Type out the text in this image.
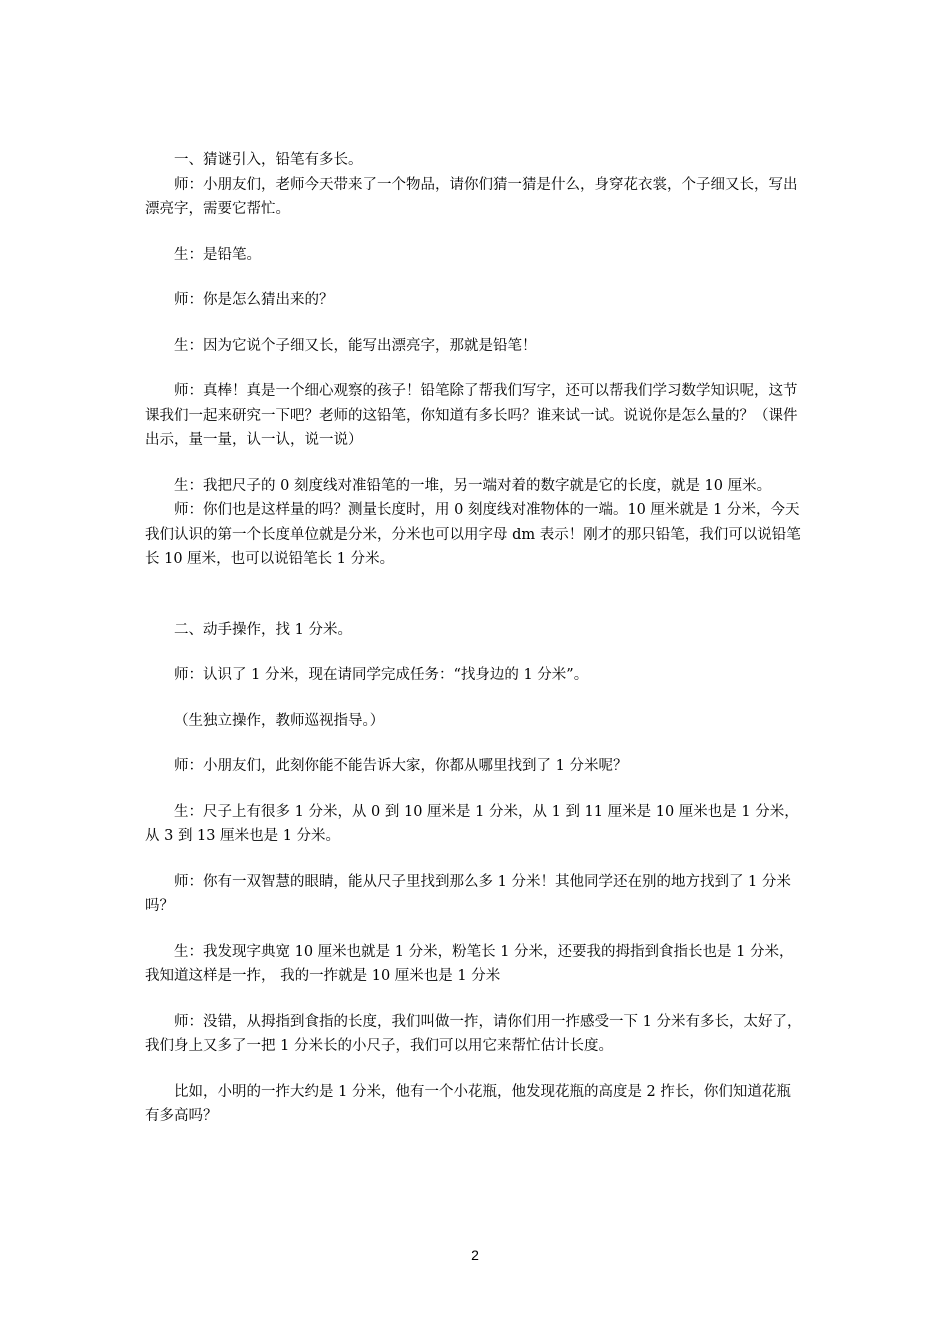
一、猜谜引入，铅笔有多长。

师：小朋友们，老师今天带来了一个物品，请你们猜一猜是什么，身穿花衣裳，个子细又长，写出漂亮字，需要它帮忙。

生：是铅笔。

师：你是怎么猜出来的？

生：因为它说个子细又长，能写出漂亮字，那就是铅笔！

师：真棒！真是一个细心观察的孩子！铅笔除了帮我们写字，还可以帮我们学习数学知识呢，这节课我们一起来研究一下吧？老师的这铅笔，你知道有多长吗？谁来试一试。说说你是怎么量的？（课件出示，量一量，认一认，说一说）

生：我把尺子的 0 刻度线对准铅笔的一堆，另一端对着的数字就是它的长度，就是 10 厘米。

师：你们也是这样量的吗？测量长度时，用 0 刻度线对准物体的一端。10 厘米就是 1 分米，今天我们认识的第一个长度单位就是分米，分米也可以用字母 dm 表示！刚才的那只铅笔，我们可以说铅笔长 10 厘米，也可以说铅笔长 1 分米。

二、动手操作，找 1 分米。

师：认识了 1 分米，现在请同学完成任务：“找身边的 1 分米”。

（生独立操作，教师巡视指导。）

师：小朋友们，此刻你能不能告诉大家，你都从哪里找到了 1 分米呢？

生：尺子上有很多 1 分米，从 0 到 10 厘米是 1 分米，从 1 到 11 厘米是 10 厘米也是 1 分米，从 3 到 13 厘米也是 1 分米。

师：你有一双智慧的眼睛，能从尺子里找到那么多 1 分米！其他同学还在别的地方找到了 1 分米吗？

生：我发现字典宽 10 厘米也就是 1 分米，粉笔长 1 分米，还要我的拇指到食指长也是 1 分米，我知道这样是一拃， 我的一拃就是 10 厘米也是 1 分米

师：没错，从拇指到食指的长度，我们叫做一拃，请你们用一拃感受一下 1 分米有多长，太好了，我们身上又多了一把 1 分米长的小尺子，我们可以用它来帮忙估计长度。

比如，小明的一拃大约是 1 分米，他有一个小花瓶，他发现花瓶的高度是 2 拃长，你们知道花瓶有多高吗？

2
